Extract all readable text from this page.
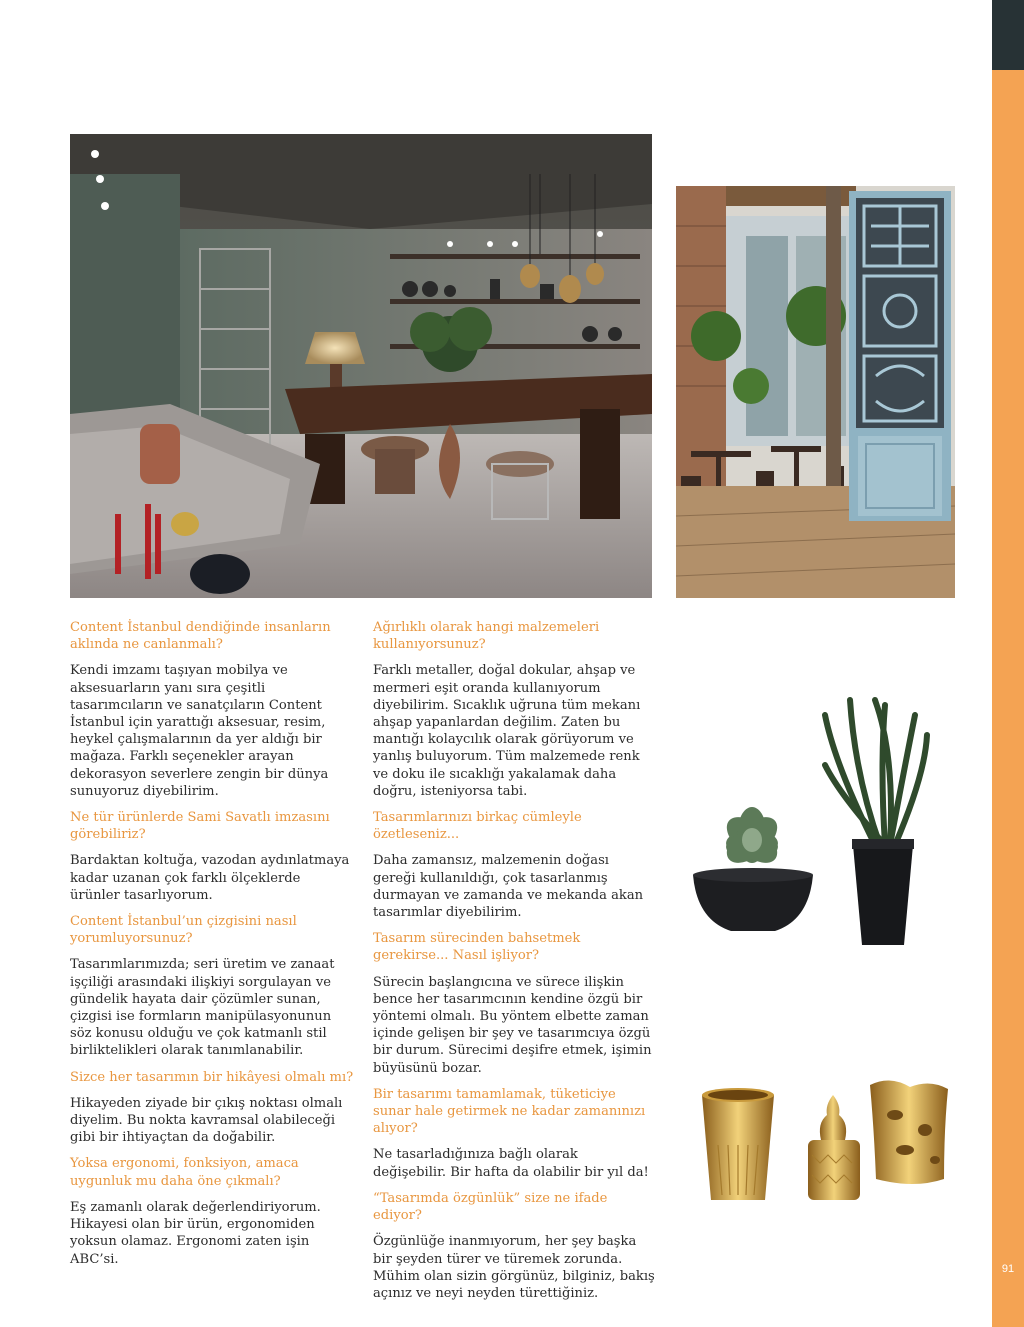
91

Content İstanbul dendiğinde insanların aklında ne canlanmalı?

Kendi imzamı taşıyan mobilya ve aksesuarların yanı sıra çeşitli tasarımcıların ve sanatçıların Content İstanbul için yarattığı aksesuar, resim, heykel çalışmalarının da yer aldığı bir mağaza. Farklı seçenekler arayan dekorasyon severlere zengin bir dünya sunuyoruz diyebilirim.

Ne tür ürünlerde Sami Savatlı imzasını görebiliriz?

Bardaktan koltuğa, vazodan aydınlatmaya kadar uzanan çok farklı ölçeklerde ürünler tasarlıyorum.

Content İstanbul’un çizgisini nasıl yorumluyorsunuz?

Tasarımlarımızda; seri üretim ve zanaat işçiliği arasındaki ilişkiyi sorgulayan ve gündelik hayata dair çözümler sunan, çizgisi ise formların manipülasyonunun söz konusu olduğu ve çok katmanlı stil birliktelikleri olarak tanımlanabilir.

Sizce her tasarımın bir hikâyesi olmalı mı?

Hikayeden ziyade bir çıkış noktası olmalı diyelim. Bu nokta kavramsal olabileceği gibi bir ihtiyaçtan da doğabilir.

Yoksa ergonomi, fonksiyon, amaca uygunluk mu daha öne çıkmalı?

Eş zamanlı olarak değerlendiriyorum. Hikayesi olan bir ürün, ergonomiden yoksun olamaz. Ergonomi zaten işin ABC’si.

Ağırlıklı olarak hangi malzemeleri kullanıyorsunuz?

Farklı metaller, doğal dokular, ahşap ve mermeri eşit oranda kullanıyorum diyebilirim. Sıcaklık uğruna tüm mekanı ahşap yapanlardan değilim. Zaten bu mantığı kolaycılık olarak görüyorum ve yanlış buluyorum. Tüm malzemede renk ve doku ile sıcaklığı yakalamak daha doğru, isteniyorsa tabi.

Tasarımlarınızı birkaç cümleyle özetleseniz...

Daha zamansız, malzemenin doğası gereği kullanıldığı, çok tasarlanmış durmayan ve zamanda ve mekanda akan tasarımlar diyebilirim.

Tasarım sürecinden bahsetmek gerekirse... Nasıl işliyor?

Sürecin başlangıcına ve sürece ilişkin bence her tasarımcının kendine özgü bir yöntemi olmalı. Bu yöntem elbette zaman içinde gelişen bir şey ve tasarımcıya özgü bir durum. Sürecimi deşifre etmek, işimin büyüsünü bozar.

Bir tasarımı tamamlamak, tüketiciye sunar hale getirmek ne kadar zamanınızı alıyor?

Ne tasarladığınıza bağlı olarak değişebilir. Bir hafta da olabilir bir yıl da!

“Tasarımda özgünlük” size ne ifade ediyor?

Özgünlüğe inanmıyorum, her şey başka bir şeyden türer ve türemek zorunda. Mühim olan sizin görgünüz, bilginiz, bakış açınız ve neyi neyden türettiğiniz.
